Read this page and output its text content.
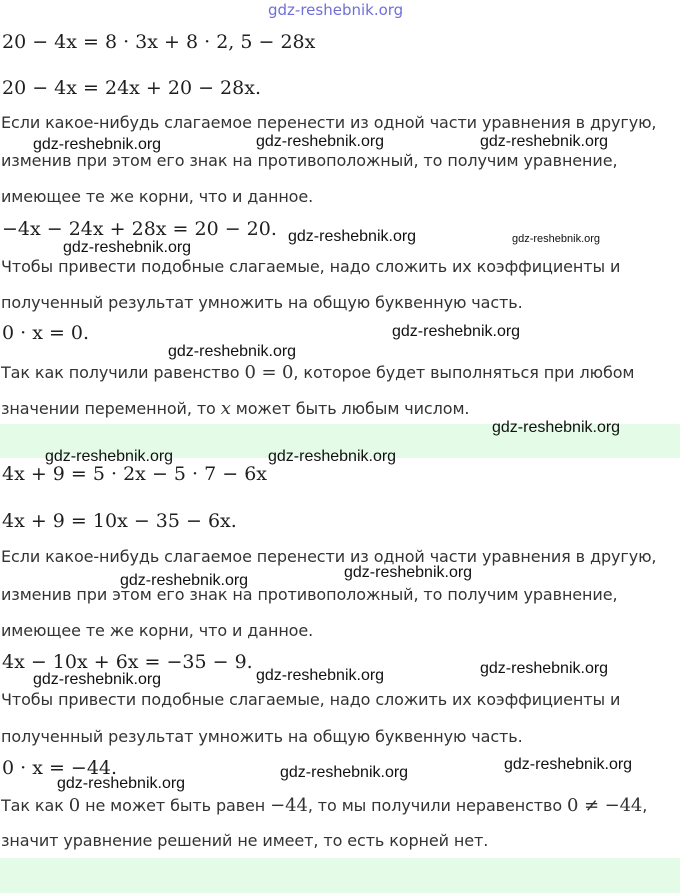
gdz-reshebnik.org
20 − 4x = 8 · 3x + 8 · 2, 5 − 28x
20 − 4x = 24x + 20 − 28x.
Если какое-нибудь слагаемое перенести из одной части уравнения в другую,
изменив при этом его знак на противоположный, то получим уравнение,
имеющее те же корни, что и данное.
−4x − 24x + 28x = 20 − 20.
Чтобы привести подобные слагаемые, надо сложить их коэффициенты и
полученный результат умножить на общую буквенную часть.
0 · x = 0.
Так как получили равенство 0 = 0, которое будет выполняться при любом
значении переменной, то x может быть любым числом.
4x + 9 = 5 · 2x − 5 · 7 − 6x
4x + 9 = 10x − 35 − 6x.
Если какое-нибудь слагаемое перенести из одной части уравнения в другую,
изменив при этом его знак на противоположный, то получим уравнение,
имеющее те же корни, что и данное.
4x − 10x + 6x = −35 − 9.
Чтобы привести подобные слагаемые, надо сложить их коэффициенты и
полученный результат умножить на общую буквенную часть.
0 · x = −44.
Так как 0 не может быть равен −44, то мы получили неравенство 0 ≠ −44,
значит уравнение решений не имеет, то есть корней нет.
gdz-reshebnik.org	gdz-reshebnik.org	gdz-reshebnik.org
gdz-reshebnik.org
gdz-reshebnik.org	gdz-reshebnik.org
gdz-reshebnik.org
gdz-reshebnik.org
gdz-reshebnik.org
gdz-reshebnik.org	gdz-reshebnik.org
gdz-reshebnik.org
gdz-reshebnik.org
gdz-reshebnik.org	gdz-reshebnik.org
gdz-reshebnik.org
gdz-reshebnik.org	gdz-reshebnik.org
gdz-reshebnik.org
